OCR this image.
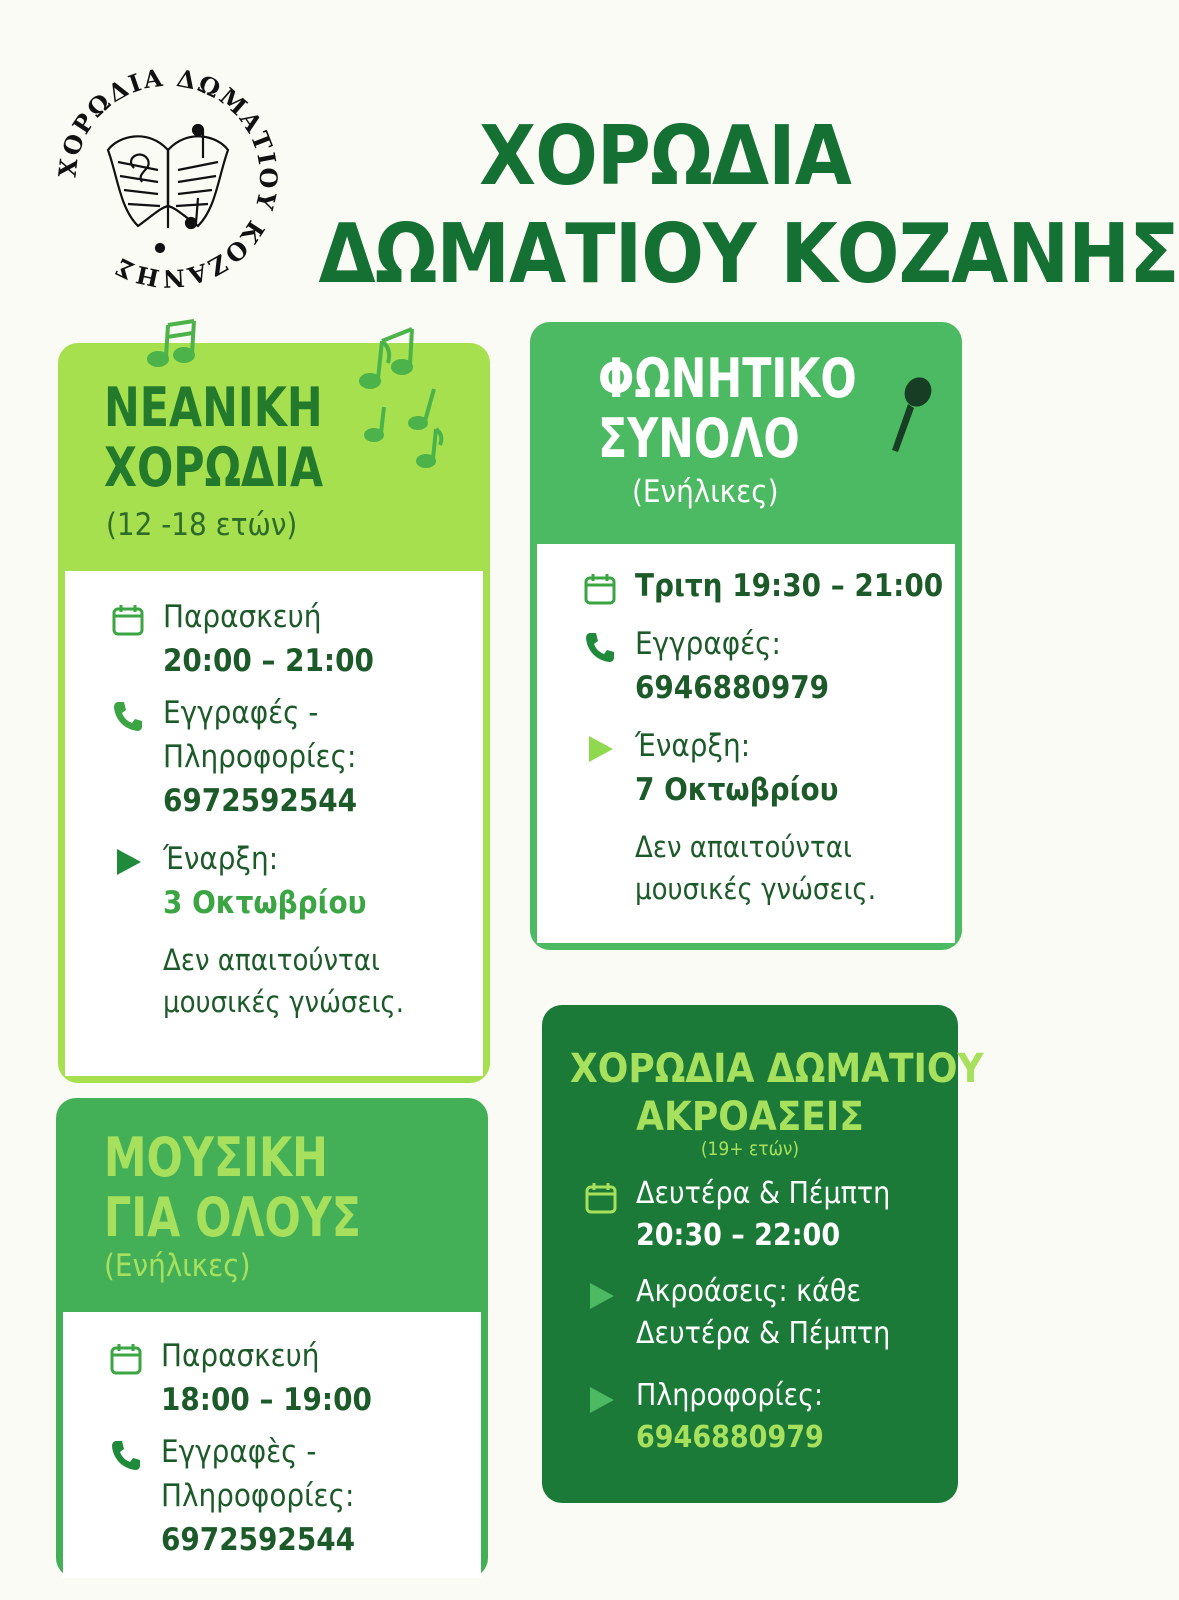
ΧΟΡΩΔΙΑ ΔΩΜΑΤΙΟΥ ΚΟΖΑΝΗΣ
ΧΟΡΩΔΙΑ
ΔΩΜΑΤΙΟΥ ΚΟΖΑΝΗΣ
ΝΕΑΝΙΚΗ
ΧΟΡΩΔΙΑ
(12 -18 ετών)
Παρασκευή
20:00 – 21:00
Εγγραφές -
Πληροφορίες:
6972592544
Έναρξη:
3 Οκτωβρίου
Δεν απαιτούνται
μουσικές γνώσεις.
ΦΩΝΗΤΙΚΟ
ΣΥΝΟΛΟ
(Ενήλικες)
Τριτη 19:30 – 21:00
Εγγραφές:
6946880979
Έναρξη:
7 Οκτωβρίου
Δεν απαιτούνται
μουσικές γνώσεις.
ΜΟΥΣΙΚΗ
ΓΙΑ ΟΛΟΥΣ
(Ενήλικες)
Παρασκευή
18:00 – 19:00
Εγγραφὲς -
Πληροφορίες:
6972592544
ΧΟΡΩΔΙΑ ΔΩΜΑΤΙΟΥ
ΑΚΡΟΑΣΕΙΣ
(19+ ετών)
Δευτέρα & Πέμπτη
20:30 – 22:00
Ακροάσεις: κάθε
Δευτέρα & Πέμπτη
Πληροφορίες:
6946880979
